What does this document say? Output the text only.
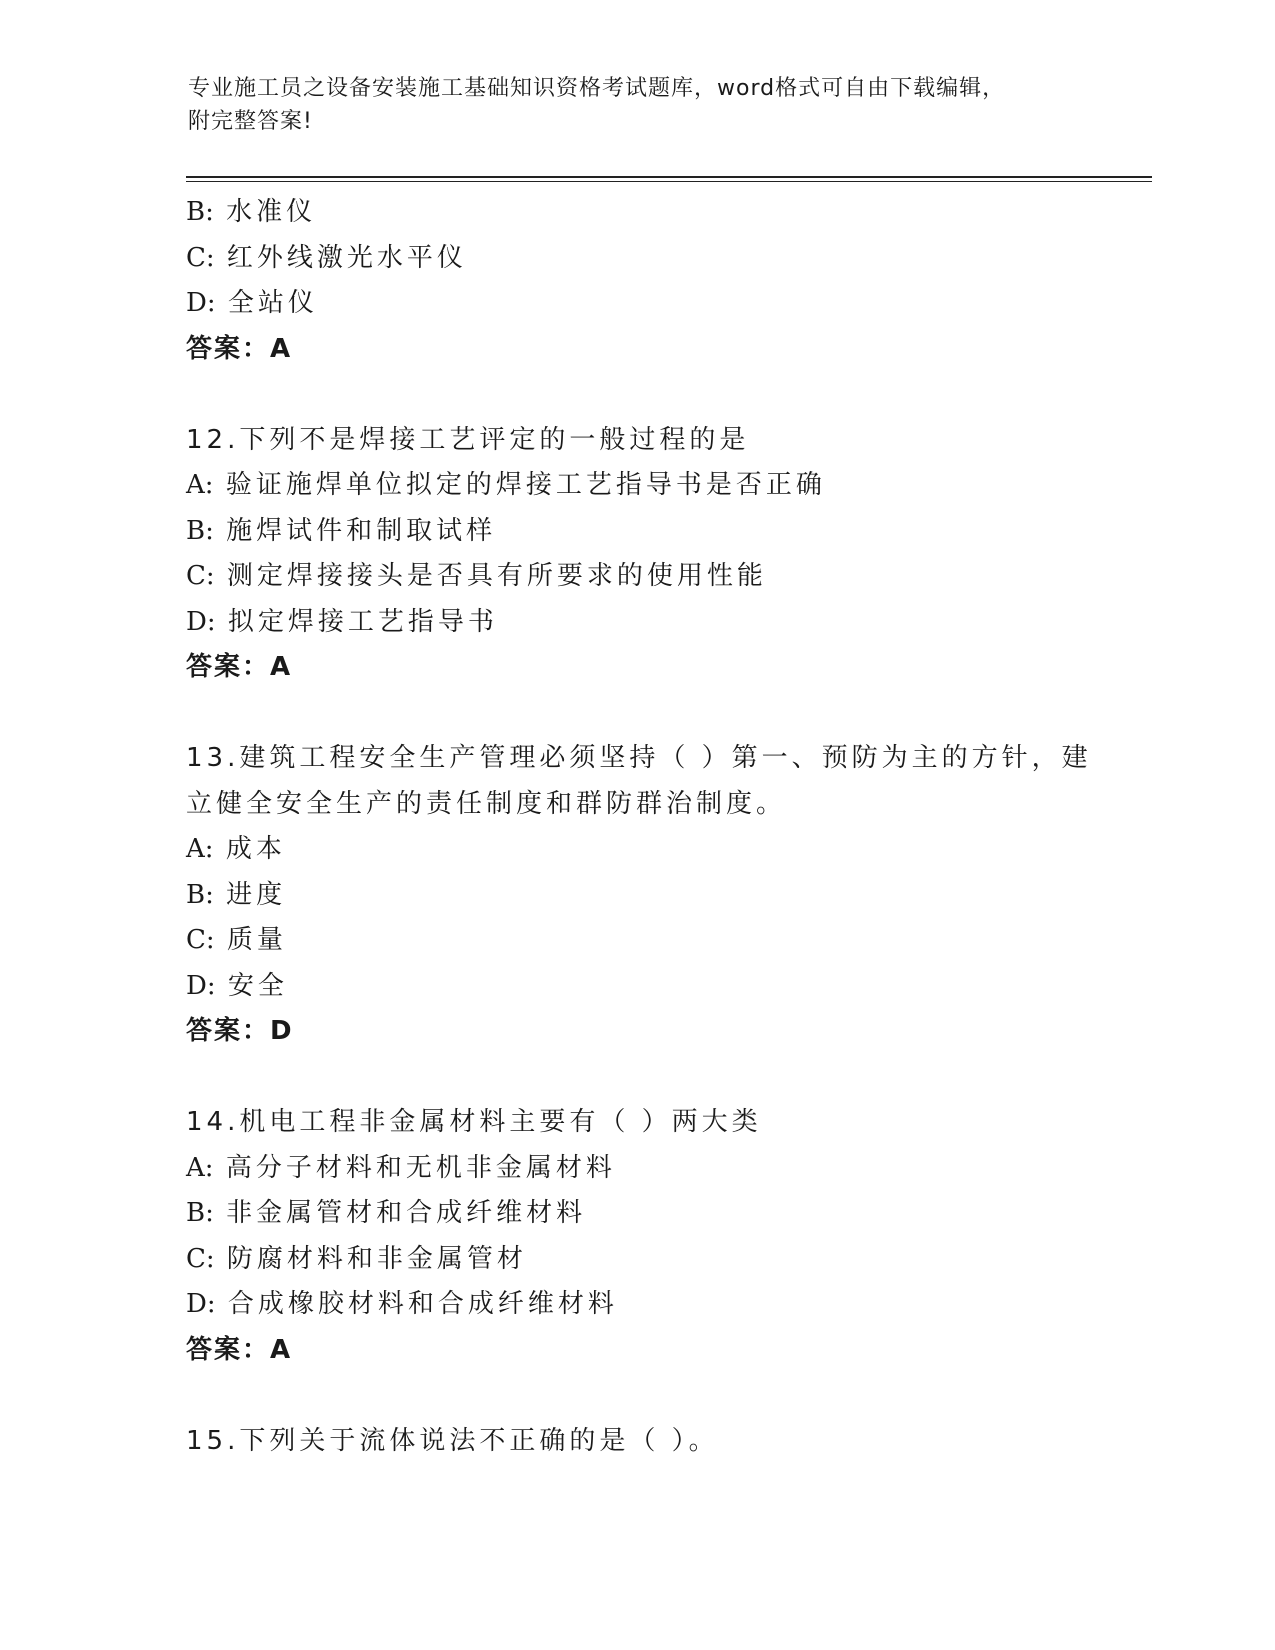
专业施工员之设备安装施工基础知识资格考试题库，word格式可自由下载编辑，
附完整答案!
B: 水准仪
C: 红外线激光水平仪
D: 全站仪
答案：A
12.下列不是焊接工艺评定的一般过程的是
A: 验证施焊单位拟定的焊接工艺指导书是否正确
B: 施焊试件和制取试样
C: 测定焊接接头是否具有所要求的使用性能
D: 拟定焊接工艺指导书
答案：A
13.建筑工程安全生产管理必须坚持（ ）第一、预防为主的方针，建
立健全安全生产的责任制度和群防群治制度。
A: 成本
B: 进度
C: 质量
D: 安全
答案：D
14.机电工程非金属材料主要有（ ）两大类
A: 高分子材料和无机非金属材料
B: 非金属管材和合成纤维材料
C: 防腐材料和非金属管材
D: 合成橡胶材料和合成纤维材料
答案：A
15.下列关于流体说法不正确的是（ ）。
